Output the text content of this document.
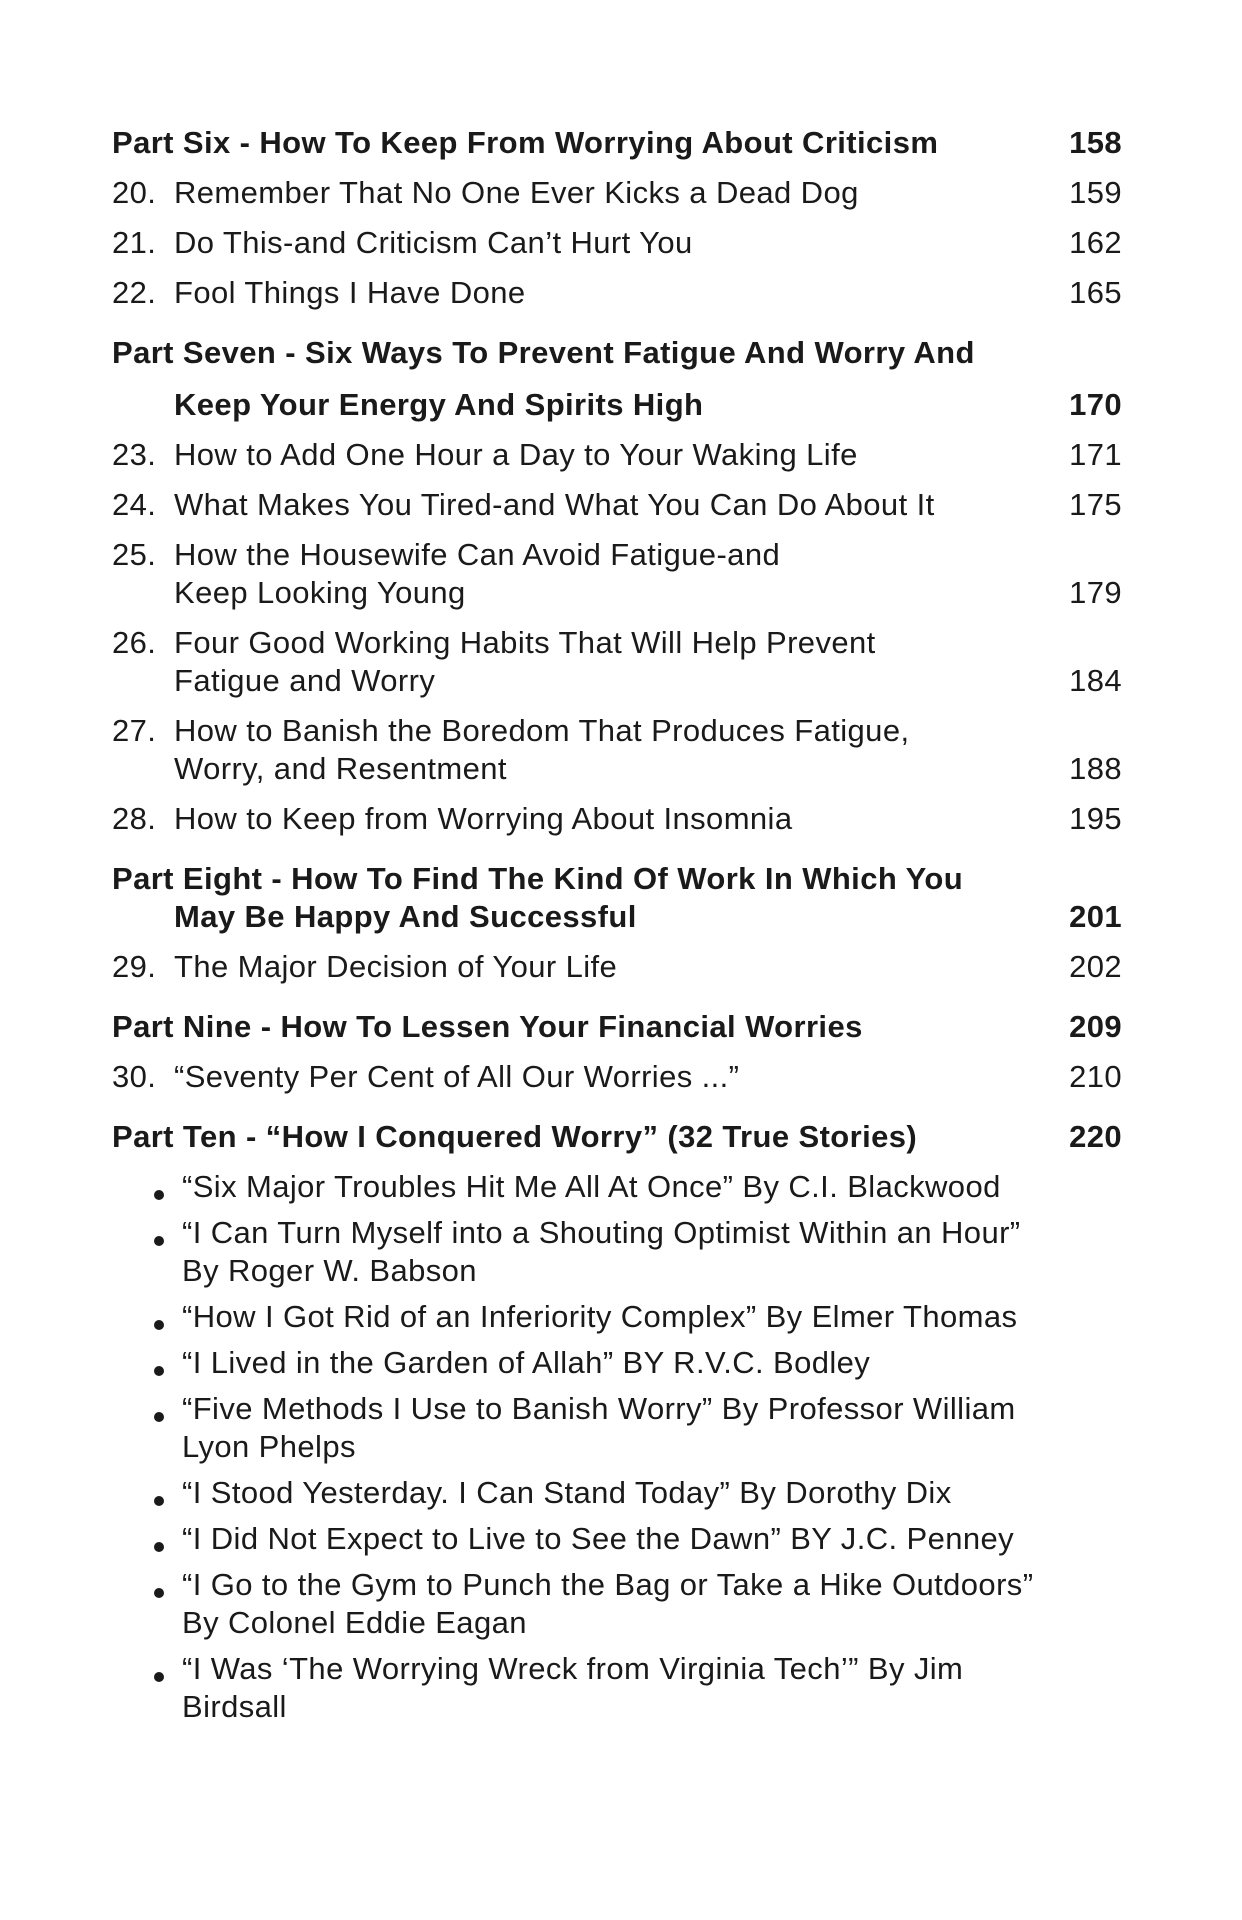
Part Six - How To Keep From Worrying About Criticism	158
20. Remember That No One Ever Kicks a Dead Dog	159
21. Do This-and Criticism Can’t Hurt You	162
22. Fool Things I Have Done	165
Part Seven - Six Ways To Prevent Fatigue And Worry And
Keep Your Energy And Spirits High	170
23. How to Add One Hour a Day to Your Waking Life	171
24. What Makes You Tired-and What You Can Do About It	175
25. How the Housewife Can Avoid Fatigue-and
Keep Looking Young	179
26. Four Good Working Habits That Will Help Prevent
Fatigue and Worry	184
27. How to Banish the Boredom That Produces Fatigue,
Worry, and Resentment	188
28. How to Keep from Worrying About Insomnia	195
Part Eight - How To Find The Kind Of Work In Which You
May Be Happy And Successful	201
29. The Major Decision of Your Life	202
Part Nine - How To Lessen Your Financial Worries	209
30. “Seventy Per Cent of All Our Worries ...”	210
Part Ten - “How I Conquered Worry” (32 True Stories)	220
“Six Major Troubles Hit Me All At Once” By C.I. Blackwood
“I Can Turn Myself into a Shouting Optimist Within an Hour”
By Roger W. Babson
“How I Got Rid of an Inferiority Complex” By Elmer Thomas
“I Lived in the Garden of Allah” BY R.V.C. Bodley
“Five Methods I Use to Banish Worry” By Professor William
Lyon Phelps
“I Stood Yesterday. I Can Stand Today” By Dorothy Dix
“I Did Not Expect to Live to See the Dawn” BY J.C. Penney
“I Go to the Gym to Punch the Bag or Take a Hike Outdoors”
By Colonel Eddie Eagan
“I Was ‘The Worrying Wreck from Virginia Tech’” By Jim
Birdsall
